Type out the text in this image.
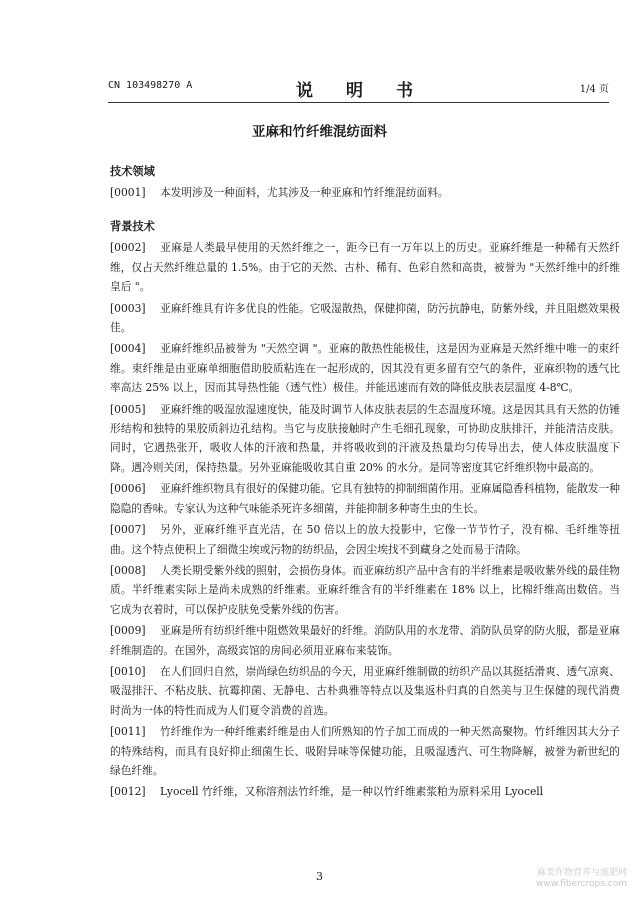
CN 103498270 A	说　明　书	1/4 页
亚麻和竹纤维混纺面料
技术领域

[0001] 本发明涉及一种面料，尤其涉及一种亚麻和竹纤维混纺面料。

背景技术

[0002] 亚麻是人类最早使用的天然纤维之一，距今已有一万年以上的历史。亚麻纤维是一种稀有天然纤维，仅占天然纤维总量的 1.5%。由于它的天然、古朴、稀有、色彩自然和高贵，被誉为 "天然纤维中的纤维皇后 "。

[0003] 亚麻纤维具有许多优良的性能。它吸湿散热，保健抑菌，防污抗静电，防紫外线，并且阻燃效果极佳。

[0004] 亚麻纤维织品被誉为 "天然空调 "。亚麻的散热性能极佳，这是因为亚麻是天然纤维中唯一的束纤维。束纤维是由亚麻单细胞借助胶质粘连在一起形成的，因其没有更多留有空气的条件，亚麻织物的透气比率高达 25% 以上，因而其导热性能（透气性）极佳。并能迅速而有效的降低皮肤表层温度 4-8℃。

[0005] 亚麻纤维的吸湿放湿速度快，能及时调节人体皮肤表层的生态温度环境。这是因其具有天然的仿锤形结构和独特的果胶质斜边孔结构。当它与皮肤接触时产生毛细孔现象，可协助皮肤排汗，并能清洁皮肤。同时，它遇热张开，吸收人体的汗液和热量，并将吸收到的汗液及热量均匀传导出去，使人体皮肤温度下降。遇冷则关闭，保持热量。另外亚麻能吸收其自重 20% 的水分。是同等密度其它纤维织物中最高的。

[0006] 亚麻纤维织物具有很好的保健功能。它具有独特的抑制细菌作用。亚麻属隐香科植物，能散发一种隐隐的香味。专家认为这种气味能杀死许多细菌，并能抑制多种寄生虫的生长。

[0007] 另外，亚麻纤维平直光洁，在 50 倍以上的放大投影中，它像一节节竹子，没有棉、毛纤维等扭曲。这个特点使积上了细微尘埃或污物的纺织品，会因尘埃找不到藏身之处而易于清除。

[0008] 人类长期受紫外线的照射，会损伤身体。而亚麻纺织产品中含有的半纤维素是吸收紫外线的最佳物质。半纤维素实际上是尚未成熟的纤维素。亚麻纤维含有的半纤维素在 18% 以上，比棉纤维高出数倍。当它成为衣着时，可以保护皮肤免受紫外线的伤害。

[0009] 亚麻是所有纺织纤维中阻燃效果最好的纤维。消防队用的水龙带、消防队员穿的防火服，都是亚麻纤维制造的。在国外，高级宾馆的房间必须用亚麻布来装饰。

[0010] 在人们回归自然，崇尚绿色纺织品的今天，用亚麻纤维制做的纺织产品以其挺括滑爽、透气凉爽、吸湿排汗、不粘皮肤、抗霉抑菌、无静电、古朴典雅等特点以及集返朴归真的自然美与卫生保健的现代消费时尚为一体的特性而成为人们夏令消费的首选。

[0011] 竹纤维作为一种纤维素纤维是由人们所熟知的竹子加工而成的一种天然高聚物。竹纤维因其大分子的特殊结构，而具有良好抑止细菌生长、吸附异味等保健功能，且吸湿透汽、可生物降解，被誉为新世纪的绿色纤维。

[0012] Lyocell 竹纤维，又称溶剂法竹纤维，是一种以竹纤维素浆粕为原料采用 Lyocell

3	麻类作物营养与施肥网
www.fibercrops.com
